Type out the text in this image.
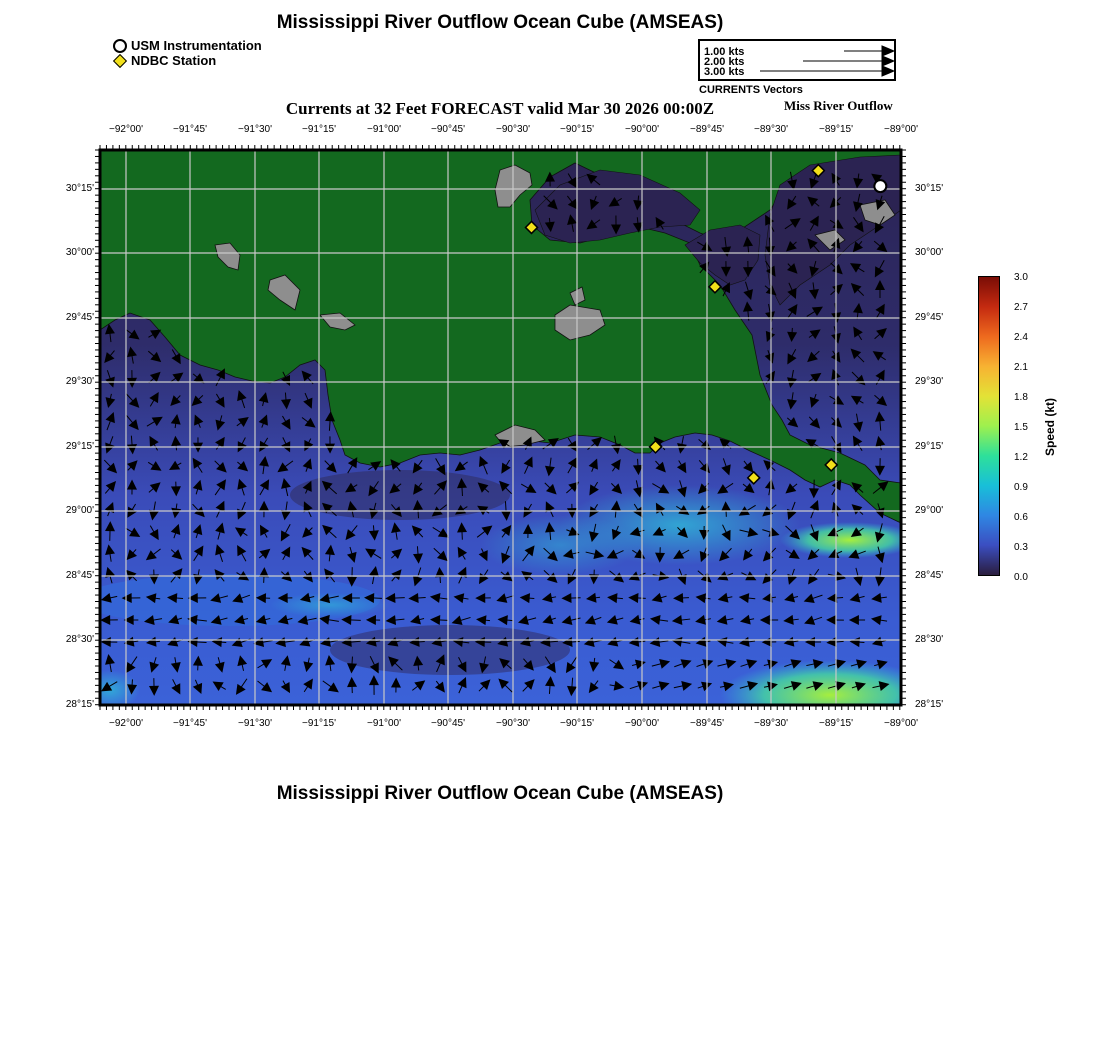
Mississippi River Outflow Ocean Cube (AMSEAS)
USM Instrumentation
NDBC Station
1.00 kts
2.00 kts
3.00 kts
CURRENTS Vectors
Currents at 32 Feet FORECAST valid Mar 30 2026 00:00Z	Miss River Outflow
−92°00'	−91°45'	−91°30'	−91°15'	−91°00'	−90°45'	−90°30'	−90°15'	−90°00'	−89°45'	−89°30'	−89°15'	−89°00'
−92°00'	−91°45'	−91°30'	−91°15'	−91°00'	−90°45'	−90°30'	−90°15'	−90°00'	−89°45'	−89°30'	−89°15'	−89°00'
30°15'
30°00'
29°45'
29°30'
29°15'
29°00'
28°45'
28°30'
28°15'
30°15'
30°00'
29°45'
29°30'
29°15'
29°00'
28°45'
28°30'
28°15'
3.0
2.7
2.4
2.1
1.8
1.5
1.2
0.9
0.6
0.3
0.0
Speed (kt)
Mississippi River Outflow Ocean Cube (AMSEAS)
